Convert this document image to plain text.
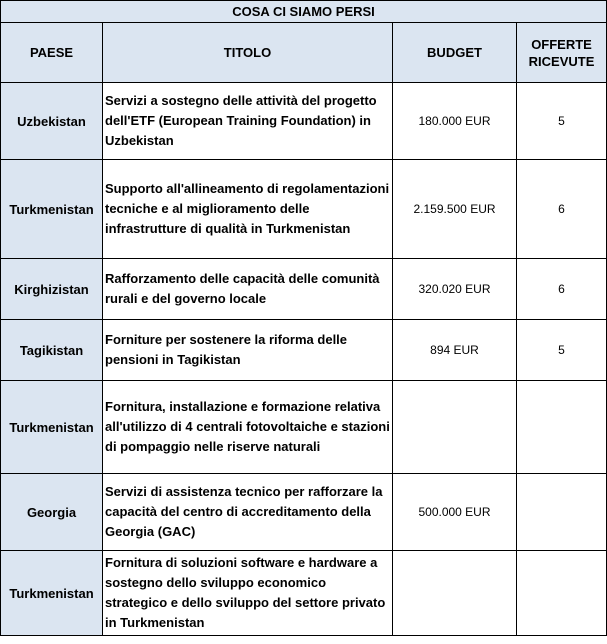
COSA CI SIAMO PERSI			
PAESE	TITOLO	BUDGET	OFFERTE RICEVUTE
Uzbekistan	Servizi a sostegno delle attività del progetto dell'ETF (European Training Foundation) in Uzbekistan	180.000 EUR	5
Turkmenistan	Supporto all'allineamento di regolamentazioni tecniche e al miglioramento delle infrastrutture di qualità in Turkmenistan	2.159.500 EUR	6
Kirghizistan	Rafforzamento delle capacità delle comunità rurali e del governo locale	320.020 EUR	6
Tagikistan	Forniture per sostenere la riforma delle pensioni in Tagikistan	894 EUR	5
Turkmenistan	Fornitura, installazione e formazione relativa all'utilizzo di 4 centrali fotovoltaiche e stazioni di pompaggio nelle riserve naturali		
Georgia	Servizi di assistenza tecnico per rafforzare la capacità del centro di accreditamento della Georgia (GAC)	500.000 EUR	
Turkmenistan	Fornitura di soluzioni software e hardware a sostegno dello sviluppo economico strategico e dello sviluppo del settore privato in Turkmenistan		
